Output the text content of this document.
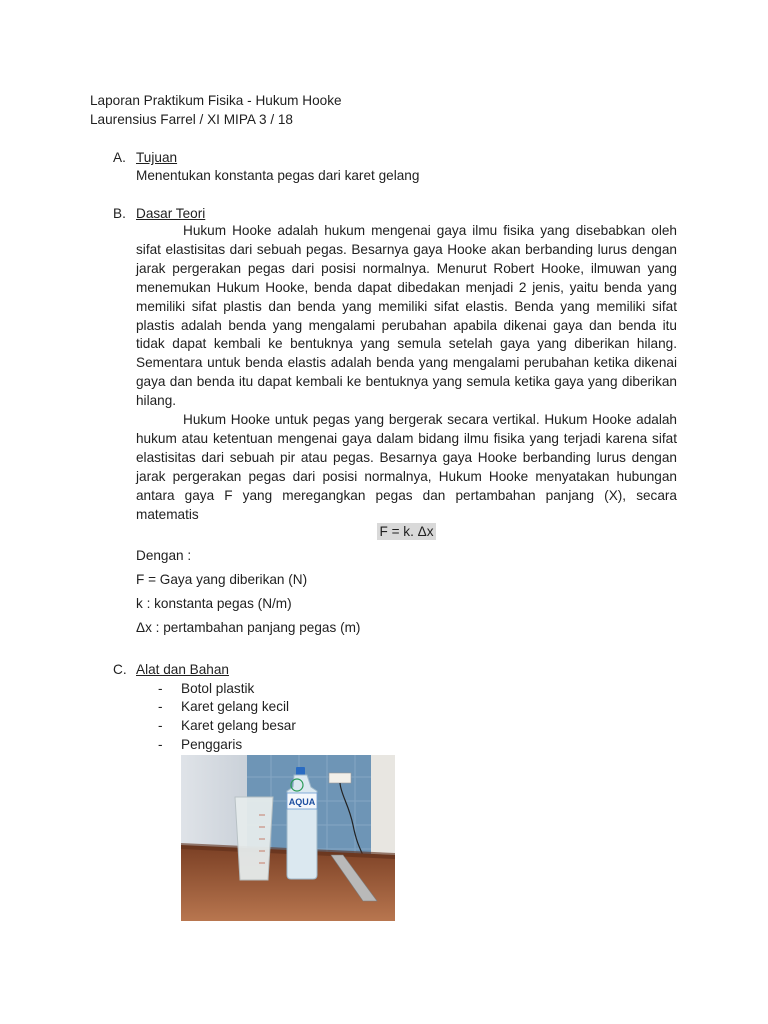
Laporan Praktikum Fisika - Hukum Hooke
Laurensius Farrel / XI MIPA 3 / 18
A. Tujuan
Menentukan konstanta pegas dari karet gelang
B. Dasar Teori

Hukum Hooke adalah hukum mengenai gaya ilmu fisika yang disebabkan oleh sifat elastisitas dari sebuah pegas. Besarnya gaya Hooke akan berbanding lurus dengan jarak pergerakan pegas dari posisi normalnya. Menurut Robert Hooke, ilmuwan yang menemukan Hukum Hooke, benda dapat dibedakan menjadi 2 jenis, yaitu benda yang memiliki sifat plastis dan benda yang memiliki sifat elastis. Benda yang memiliki sifat plastis adalah benda yang mengalami perubahan apabila dikenai gaya dan benda itu tidak dapat kembali ke bentuknya yang semula setelah gaya yang diberikan hilang. Sementara untuk benda elastis adalah benda yang mengalami perubahan ketika dikenai gaya dan benda itu dapat kembali ke bentuknya yang semula ketika gaya yang diberikan hilang.

Hukum Hooke untuk pegas yang bergerak secara vertikal. Hukum Hooke adalah hukum atau ketentuan mengenai gaya dalam bidang ilmu fisika yang terjadi karena sifat elastisitas dari sebuah pir atau pegas. Besarnya gaya Hooke berbanding lurus dengan jarak pergerakan pegas dari posisi normalnya, Hukum Hooke menyatakan hubungan antara gaya F yang meregangkan pegas dan pertambahan panjang (X), secara matematis

F = k. Δx
Dengan :
F = Gaya yang diberikan (N)
k : konstanta pegas (N/m)
Δx : pertambahan panjang pegas (m)
C. Alat dan Bahan
- Botol plastik
- Karet gelang kecil
- Karet gelang besar
- Penggaris
AQUA
